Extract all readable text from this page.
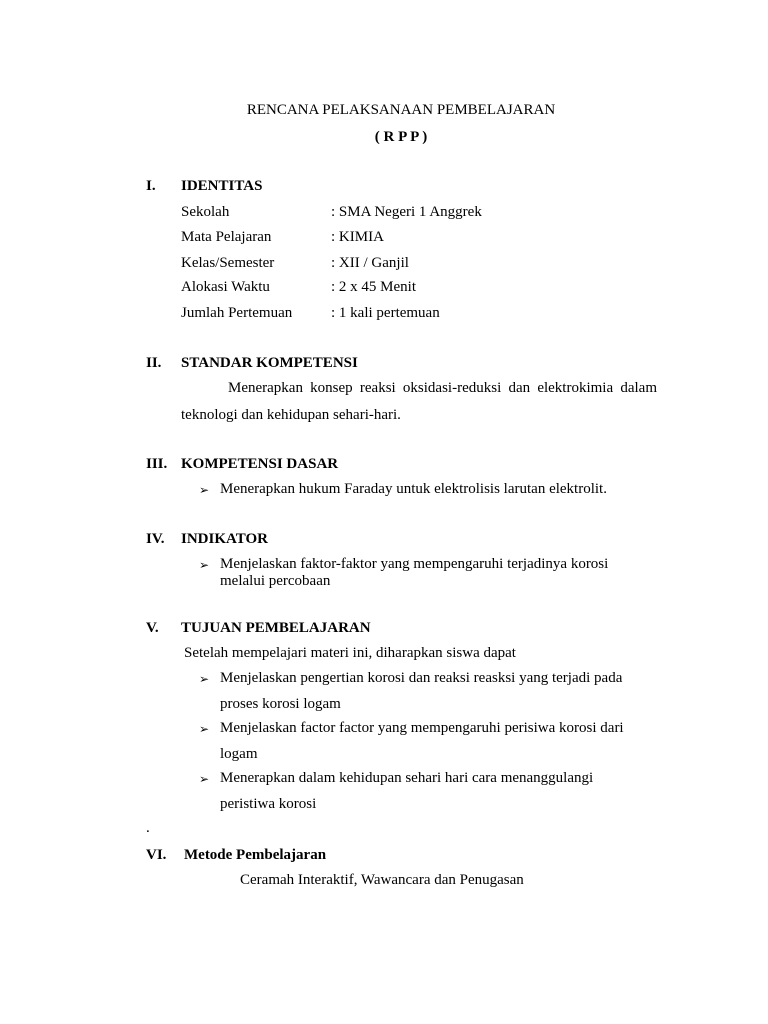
RENCANA PELAKSANAAN PEMBELAJARAN
( R P P )
I. IDENTITAS
Sekolah	: SMA Negeri 1 Anggrek
Mata Pelajaran	: KIMIA
Kelas/Semester	: XII / Ganjil
Alokasi Waktu	: 2 x 45 Menit
Jumlah Pertemuan	: 1 kali pertemuan
II. STANDAR KOMPETENSI
Menerapkan konsep reaksi oksidasi-reduksi dan elektrokimia dalam
teknologi dan kehidupan sehari-hari.
III. KOMPETENSI DASAR
➢ Menerapkan hukum Faraday untuk elektrolisis larutan elektrolit.
IV. INDIKATOR
➢ Menjelaskan faktor-faktor yang mempengaruhi terjadinya korosi
melalui percobaan
V. TUJUAN PEMBELAJARAN
Setelah mempelajari materi ini, diharapkan siswa dapat
➢ Menjelaskan pengertian korosi dan reaksi reasksi yang terjadi pada
proses korosi logam
➢ Menjelaskan factor factor yang mempengaruhi perisiwa korosi dari
logam
➢ Menerapkan dalam kehidupan sehari hari cara menanggulangi
peristiwa korosi
.
VI. Metode Pembelajaran
Ceramah Interaktif, Wawancara dan Penugasan
